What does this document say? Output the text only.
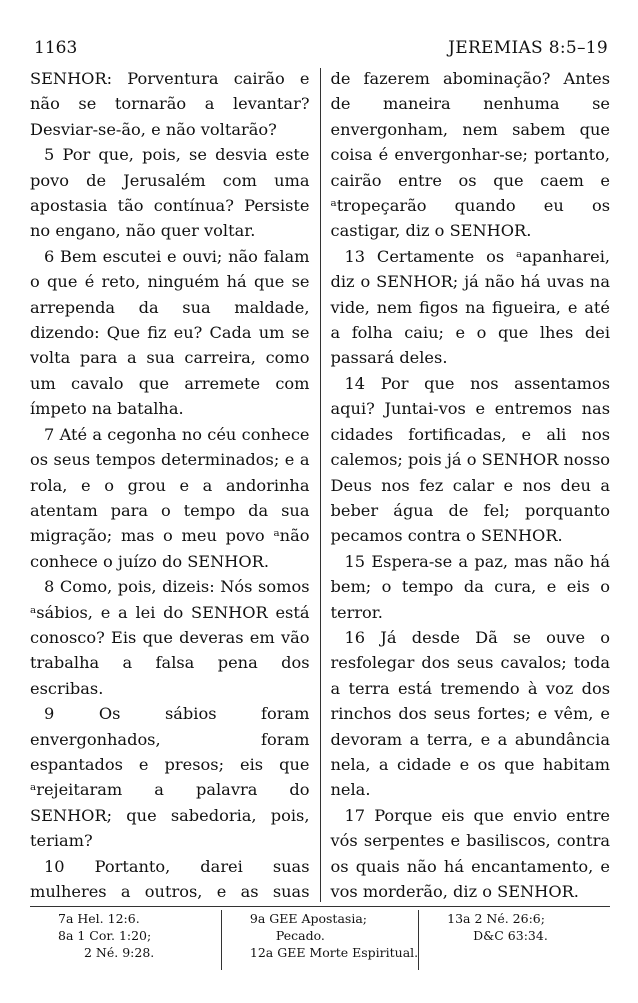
1163	JEREMIAS 8:5–19

SENHOR: Porventura cairão e não se tornarão a levantar? Desviar-se-ão, e não voltarão?

5 Por que, pois, se desvia este povo de Jerusalém com uma apostasia tão contínua? Persiste no engano, não quer voltar.

6 Bem escutei e ouvi; não falam o que é reto, ninguém há que se arrependa da sua maldade, dizendo: Que fiz eu? Cada um se volta para a sua carreira, como um cavalo que arremete com ímpeto na batalha.

7 Até a cegonha no céu conhece os seus tempos determinados; e a rola, e o grou e a andorinha atentam para o tempo da sua migração; mas o meu povo ᵃnão conhece o juízo do SENHOR.

8 Como, pois, dizeis: Nós somos ᵃsábios, e a lei do SENHOR está conosco? Eis que deveras em vão trabalha a falsa pena dos escribas.

9 Os sábios foram envergonhados, foram espantados e presos; eis que ᵃrejeitaram a palavra do SENHOR; que sabedoria, pois, teriam?

10 Portanto, darei suas mulheres a outros, e as suas

de fazerem abominação? Antes de maneira nenhuma se envergonham, nem sabem que coisa é envergonhar-se; portanto, cairão entre os que caem e ᵃtropeçarão quando eu os castigar, diz o SENHOR.

13 Certamente os ᵃapanharei, diz o SENHOR; já não há uvas na vide, nem figos na figueira, e até a folha caiu; e o que lhes dei passará deles.

14 Por que nos assentamos aqui? Juntai-vos e entremos nas cidades fortificadas, e ali nos calemos; pois já o SENHOR nosso Deus nos fez calar e nos deu a beber água de fel; porquanto pecamos contra o SENHOR.

15 Espera-se a paz, mas não há bem; o tempo da cura, e eis o terror.

16 Já desde Dã se ouve o resfolegar dos seus cavalos; toda a terra está tremendo à voz dos rinchos dos seus fortes; e vêm, e devoram a terra, e a abundância nela, a cidade e os que habitam nela.

17 Porque eis que envio entre vós serpentes e basiliscos, contra os quais não há encantamento, e vos morderão, diz o SENHOR.

7a Hel. 12:6.
8a 1 Cor. 1:20;
2 Né. 9:28.
9a GEE Apostasia;
Pecado.
12a GEE Morte Espiritual.
13a 2 Né. 26:6;
D&C 63:34.
